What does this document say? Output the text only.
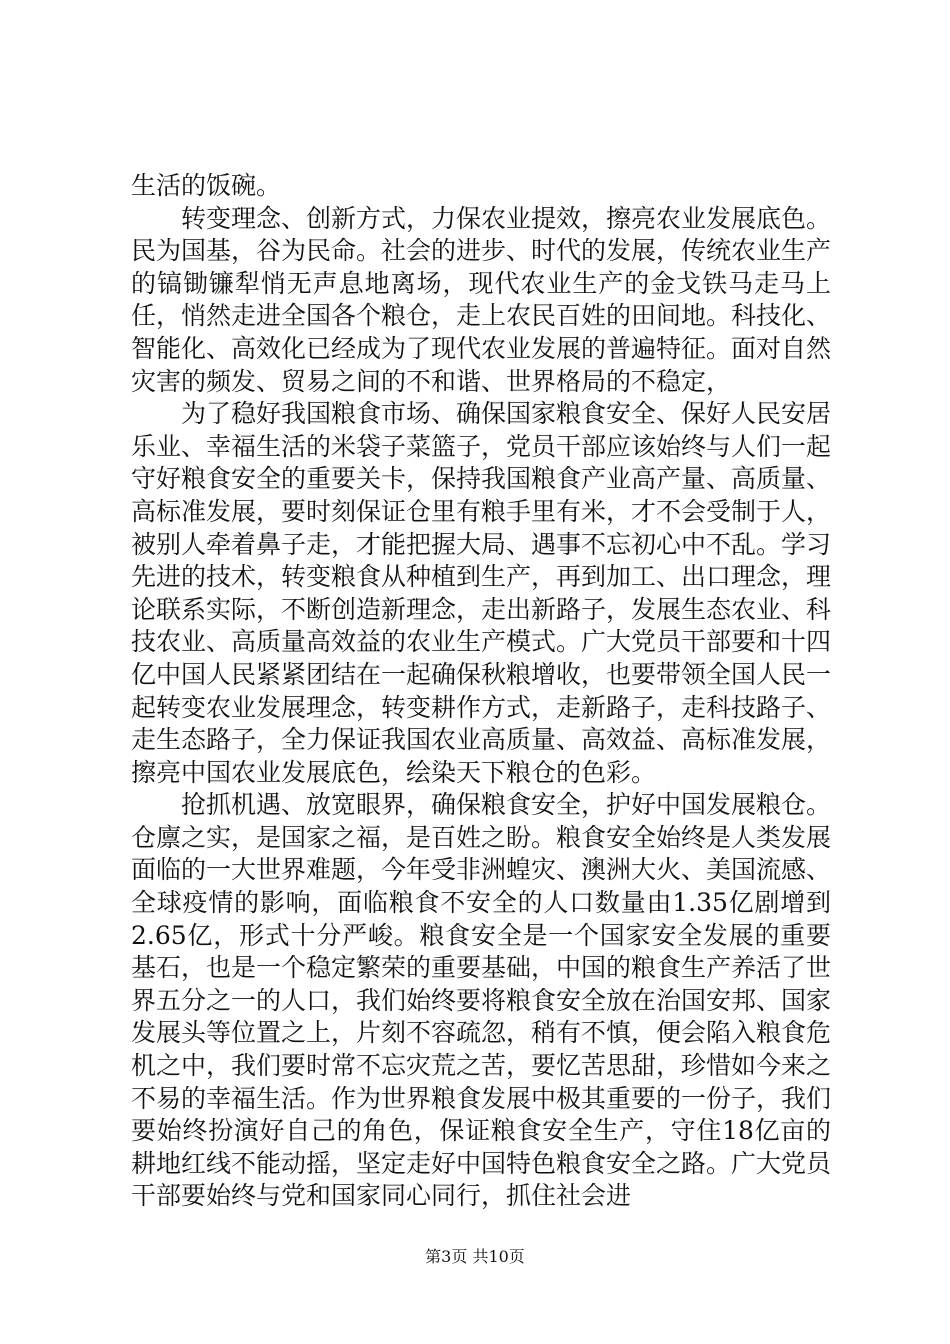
生活的饭碗。

转变理念、创新方式，力保农业提效，擦亮农业发展底色。民为国基，谷为民命。社会的进步、时代的发展，传统农业生产的镐锄镰犁悄无声息地离场，现代农业生产的金戈铁马走马上任，悄然走进全国各个粮仓，走上农民百姓的田间地。科技化、智能化、高效化已经成为了现代农业发展的普遍特征。面对自然灾害的频发、贸易之间的不和谐、世界格局的不稳定，

为了稳好我国粮食市场、确保国家粮食安全、保好人民安居乐业、幸福生活的米袋子菜篮子，党员干部应该始终与人们一起守好粮食安全的重要关卡，保持我国粮食产业高产量、高质量、高标准发展，要时刻保证仓里有粮手里有米，才不会受制于人，被别人牵着鼻子走，才能把握大局、遇事不忘初心中不乱。学习先进的技术，转变粮食从种植到生产，再到加工、出口理念，理论联系实际，不断创造新理念，走出新路子，发展生态农业、科技农业、高质量高效益的农业生产模式。广大党员干部要和十四亿中国人民紧紧团结在一起确保秋粮增收，也要带领全国人民一起转变农业发展理念，转变耕作方式，走新路子，走科技路子、走生态路子，全力保证我国农业高质量、高效益、高标准发展，擦亮中国农业发展底色，绘染天下粮仓的色彩。

抢抓机遇、放宽眼界，确保粮食安全，护好中国发展粮仓。仓廪之实，是国家之福，是百姓之盼。粮食安全始终是人类发展面临的一大世界难题，今年受非洲蝗灾、澳洲大火、美国流感、全球疫情的影响，面临粮食不安全的人口数量由1.35亿剧增到2.65亿，形式十分严峻。粮食安全是一个国家安全发展的重要基石，也是一个稳定繁荣的重要基础，中国的粮食生产养活了世界五分之一的人口，我们始终要将粮食安全放在治国安邦、国家发展头等位置之上，片刻不容疏忽，稍有不慎，便会陷入粮食危机之中，我们要时常不忘灾荒之苦，要忆苦思甜，珍惜如今来之不易的幸福生活。作为世界粮食发展中极其重要的一份子，我们要始终扮演好自己的角色，保证粮食安全生产，守住18亿亩的耕地红线不能动摇，坚定走好中国特色粮食安全之路。广大党员干部要始终与党和国家同心同行，抓住社会进

第3页 共10页
